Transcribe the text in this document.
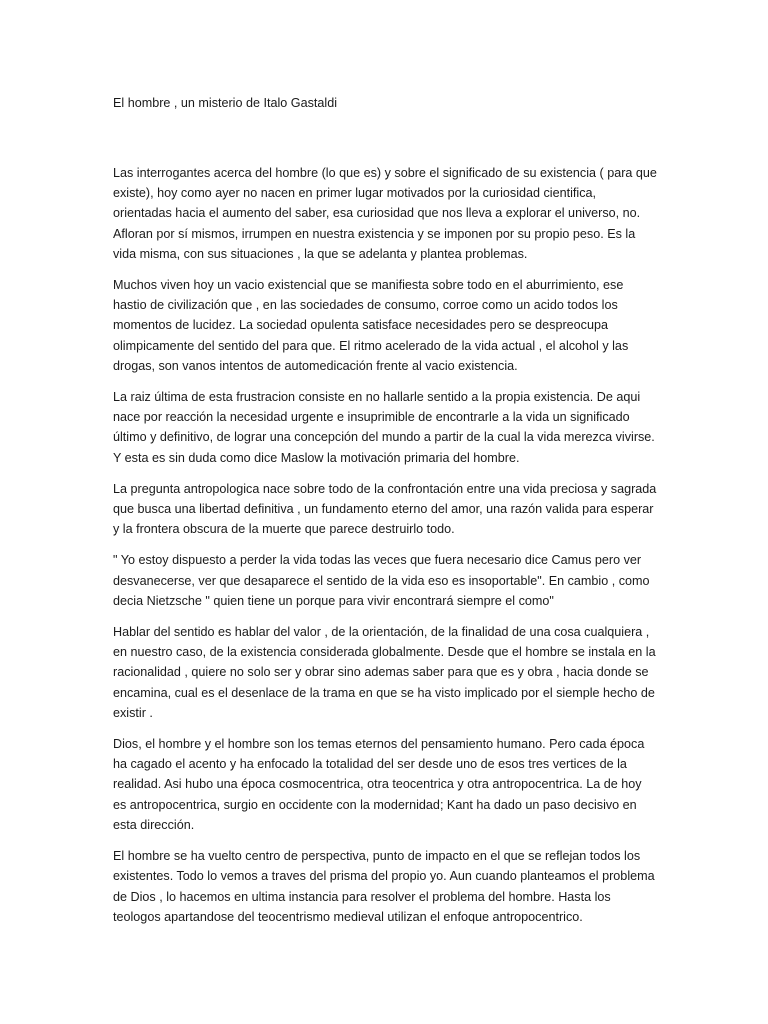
El hombre , un misterio de Italo Gastaldi

Las interrogantes acerca del hombre (lo que es) y sobre el significado de su existencia ( para que existe), hoy como ayer no nacen en primer lugar motivados por la curiosidad cientifica, orientadas hacia el aumento del saber, esa curiosidad que nos lleva a explorar el universo, no. Afloran por sí mismos, irrumpen en nuestra existencia y se imponen por su propio peso. Es la vida misma, con sus situaciones , la que se adelanta y plantea problemas.

Muchos viven hoy un vacio existencial que se manifiesta sobre todo en el aburrimiento, ese hastio de civilización que , en las sociedades de consumo, corroe como un acido todos los momentos de lucidez. La sociedad opulenta satisface necesidades pero se despreocupa olimpicamente del sentido del para que. El ritmo acelerado de la vida actual , el alcohol y las drogas, son vanos intentos de automedicación frente al vacio existencia.

La raiz última de esta frustracion consiste en no hallarle sentido a la propia existencia. De aqui nace por reacción la necesidad urgente e insuprimible de encontrarle a la vida un significado último y definitivo, de lograr una concepción del mundo a partir de la cual la vida merezca vivirse. Y esta es sin duda como dice Maslow la motivación primaria del hombre.

La pregunta antropologica nace sobre todo de la confrontación entre una vida preciosa y sagrada que busca una libertad definitiva , un fundamento eterno del amor, una razón valida para esperar y la frontera obscura de la muerte que parece destruirlo todo.

" Yo estoy dispuesto a perder la vida todas las veces que fuera necesario dice Camus pero ver desvanecerse, ver que desaparece el sentido de la vida eso es insoportable". En cambio , como decia Nietzsche " quien tiene un porque para vivir encontrará siempre el como"

Hablar del sentido es hablar del valor , de la orientación, de la finalidad de una cosa cualquiera , en nuestro caso, de la existencia considerada globalmente. Desde que el hombre se instala en la racionalidad , quiere no solo ser y obrar sino ademas saber para que es y obra , hacia donde se encamina, cual es el desenlace de la trama en que se ha visto implicado por el siemple hecho de existir .

Dios, el hombre y el hombre son los temas eternos del pensamiento humano. Pero cada época ha cagado el acento y ha enfocado la totalidad del ser desde uno de esos tres vertices de la realidad. Asi hubo una época cosmocentrica, otra teocentrica y otra antropocentrica. La de hoy es antropocentrica, surgio en occidente con la modernidad; Kant ha dado un paso decisivo en esta dirección.

El hombre se ha vuelto centro de perspectiva, punto de impacto en el que se reflejan todos los existentes. Todo lo vemos a traves del prisma del propio yo. Aun cuando planteamos el problema de Dios , lo hacemos en ultima instancia para resolver el problema del hombre. Hasta los teologos apartandose del teocentrismo medieval utilizan el enfoque antropocentrico.
